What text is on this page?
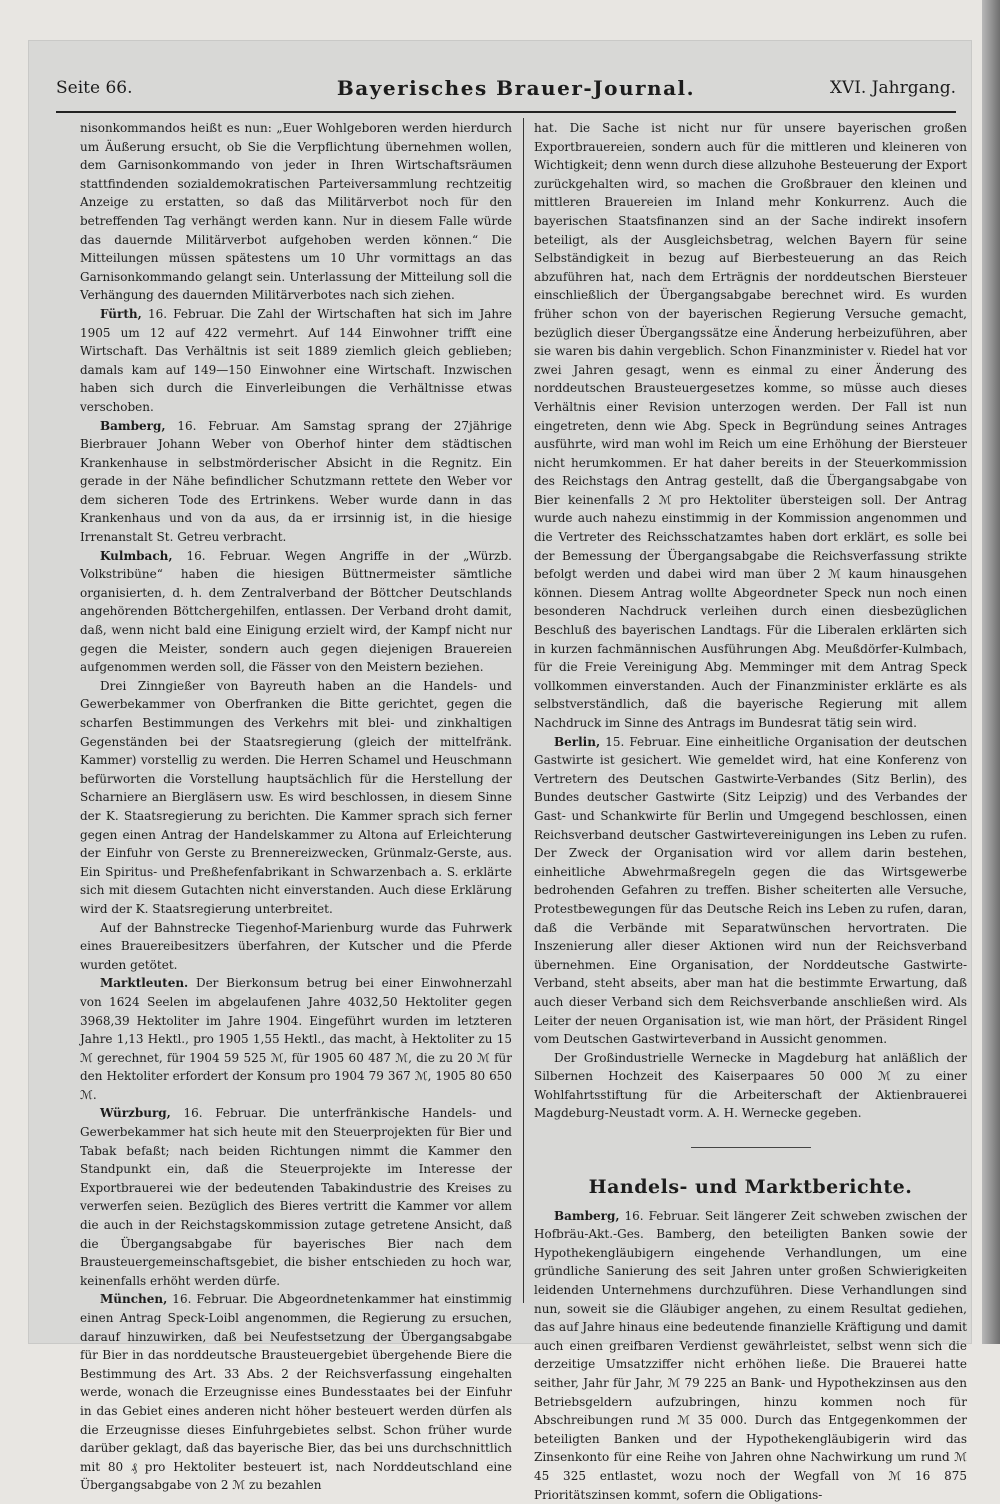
Seite 66.	Bayerisches Brauer-Journal.	XVI. Jahrgang.

nisonkommandos heißt es nun: „Euer Wohlgeboren werden hierdurch um Äußerung ersucht, ob Sie die Verpflichtung übernehmen wollen, dem Garnisonkommando von jeder in Ihren Wirtschaftsräumen stattfindenden sozialdemokratischen Parteiversammlung rechtzeitig Anzeige zu erstatten, so daß das Militärverbot noch für den betreffenden Tag verhängt werden kann. Nur in diesem Falle würde das dauernde Militärverbot aufgehoben werden können.“ Die Mitteilungen müssen spätestens um 10 Uhr vormittags an das Garnisonkommando gelangt sein. Unterlassung der Mitteilung soll die Verhängung des dauernden Militärverbotes nach sich ziehen.

Fürth, 16. Februar. Die Zahl der Wirtschaften hat sich im Jahre 1905 um 12 auf 422 vermehrt. Auf 144 Einwohner trifft eine Wirtschaft. Das Verhältnis ist seit 1889 ziemlich gleich geblieben; damals kam auf 149—150 Einwohner eine Wirtschaft. Inzwischen haben sich durch die Einverleibungen die Verhältnisse etwas verschoben.

Bamberg, 16. Februar. Am Samstag sprang der 27jährige Bierbrauer Johann Weber von Oberhof hinter dem städtischen Krankenhause in selbstmörderischer Absicht in die Regnitz. Ein gerade in der Nähe befindlicher Schutzmann rettete den Weber vor dem sicheren Tode des Ertrinkens. Weber wurde dann in das Krankenhaus und von da aus, da er irrsinnig ist, in die hiesige Irrenanstalt St. Getreu verbracht.

Kulmbach, 16. Februar. Wegen Angriffe in der „Würzb. Volkstribüne“ haben die hiesigen Büttnermeister sämtliche organisierten, d. h. dem Zentralverband der Böttcher Deutschlands angehörenden Böttchergehilfen, entlassen. Der Verband droht damit, daß, wenn nicht bald eine Einigung erzielt wird, der Kampf nicht nur gegen die Meister, sondern auch gegen diejenigen Brauereien aufgenommen werden soll, die Fässer von den Meistern beziehen.

Drei Zinngießer von Bayreuth haben an die Handels- und Gewerbekammer von Oberfranken die Bitte gerichtet, gegen die scharfen Bestimmungen des Verkehrs mit blei- und zinkhaltigen Gegenständen bei der Staatsregierung (gleich der mittelfränk. Kammer) vorstellig zu werden. Die Herren Schamel und Heuschmann befürworten die Vorstellung hauptsächlich für die Herstellung der Scharniere an Biergläsern usw. Es wird beschlossen, in diesem Sinne der K. Staatsregierung zu berichten. Die Kammer sprach sich ferner gegen einen Antrag der Handelskammer zu Altona auf Erleichterung der Einfuhr von Gerste zu Brennereizwecken, Grünmalz-Gerste, aus. Ein Spiritus- und Preßhefenfabrikant in Schwarzenbach a. S. erklärte sich mit diesem Gutachten nicht einverstanden. Auch diese Erklärung wird der K. Staatsregierung unterbreitet.

Auf der Bahnstrecke Tiegenhof-Marienburg wurde das Fuhrwerk eines Brauereibesitzers überfahren, der Kutscher und die Pferde wurden getötet.

Marktleuten. Der Bierkonsum betrug bei einer Einwohnerzahl von 1624 Seelen im abgelaufenen Jahre 4032,50 Hektoliter gegen 3968,39 Hektoliter im Jahre 1904. Eingeführt wurden im letzteren Jahre 1,13 Hektl., pro 1905 1,55 Hektl., das macht, à Hektoliter zu 15 ℳ gerechnet, für 1904 59 525 ℳ, für 1905 60 487 ℳ, die zu 20 ℳ für den Hektoliter erfordert der Konsum pro 1904 79 367 ℳ, 1905 80 650 ℳ.

Würzburg, 16. Februar. Die unterfränkische Handels- und Gewerbekammer hat sich heute mit den Steuerprojekten für Bier und Tabak befaßt; nach beiden Richtungen nimmt die Kammer den Standpunkt ein, daß die Steuerprojekte im Interesse der Exportbrauerei wie der bedeutenden Tabakindustrie des Kreises zu verwerfen seien. Bezüglich des Bieres vertritt die Kammer vor allem die auch in der Reichstagskommission zutage getretene Ansicht, daß die Übergangsabgabe für bayerisches Bier nach dem Brausteuergemeinschaftsgebiet, die bisher entschieden zu hoch war, keinenfalls erhöht werden dürfe.

München, 16. Februar. Die Abgeordnetenkammer hat einstimmig einen Antrag Speck-Loibl angenommen, die Regierung zu ersuchen, darauf hinzuwirken, daß bei Neufestsetzung der Übergangsabgabe für Bier in das norddeutsche Brausteuergebiet übergehende Biere die Bestimmung des Art. 33 Abs. 2 der Reichsverfassung eingehalten werde, wonach die Erzeugnisse eines Bundesstaates bei der Einfuhr in das Gebiet eines anderen nicht höher besteuert werden dürfen als die Erzeugnisse dieses Einfuhrgebietes selbst. Schon früher wurde darüber geklagt, daß das bayerische Bier, das bei uns durchschnittlich mit 80 ₰ pro Hektoliter besteuert ist, nach Norddeutschland eine Übergangsabgabe von 2 ℳ zu bezahlen

hat. Die Sache ist nicht nur für unsere bayerischen großen Exportbrauereien, sondern auch für die mittleren und kleineren von Wichtigkeit; denn wenn durch diese allzuhohe Besteuerung der Export zurückgehalten wird, so machen die Großbrauer den kleinen und mittleren Brauereien im Inland mehr Konkurrenz. Auch die bayerischen Staatsfinanzen sind an der Sache indirekt insofern beteiligt, als der Ausgleichsbetrag, welchen Bayern für seine Selbständigkeit in bezug auf Bierbesteuerung an das Reich abzuführen hat, nach dem Erträgnis der norddeutschen Biersteuer einschließlich der Übergangsabgabe berechnet wird. Es wurden früher schon von der bayerischen Regierung Versuche gemacht, bezüglich dieser Übergangssätze eine Änderung herbeizuführen, aber sie waren bis dahin vergeblich. Schon Finanzminister v. Riedel hat vor zwei Jahren gesagt, wenn es einmal zu einer Änderung des norddeutschen Brausteuergesetzes komme, so müsse auch dieses Verhältnis einer Revision unterzogen werden. Der Fall ist nun eingetreten, denn wie Abg. Speck in Begründung seines Antrages ausführte, wird man wohl im Reich um eine Erhöhung der Biersteuer nicht herumkommen. Er hat daher bereits in der Steuerkommission des Reichstags den Antrag gestellt, daß die Übergangsabgabe von Bier keinenfalls 2 ℳ pro Hektoliter übersteigen soll. Der Antrag wurde auch nahezu einstimmig in der Kommission angenommen und die Vertreter des Reichsschatzamtes haben dort erklärt, es solle bei der Bemessung der Übergangsabgabe die Reichsverfassung strikte befolgt werden und dabei wird man über 2 ℳ kaum hinausgehen können. Diesem Antrag wollte Abgeordneter Speck nun noch einen besonderen Nachdruck verleihen durch einen diesbezüglichen Beschluß des bayerischen Landtags. Für die Liberalen erklärten sich in kurzen fachmännischen Ausführungen Abg. Meußdörfer-Kulmbach, für die Freie Vereinigung Abg. Memminger mit dem Antrag Speck vollkommen einverstanden. Auch der Finanzminister erklärte es als selbstverständlich, daß die bayerische Regierung mit allem Nachdruck im Sinne des Antrags im Bundesrat tätig sein wird.

Berlin, 15. Februar. Eine einheitliche Organisation der deutschen Gastwirte ist gesichert. Wie gemeldet wird, hat eine Konferenz von Vertretern des Deutschen Gastwirte-Verbandes (Sitz Berlin), des Bundes deutscher Gastwirte (Sitz Leipzig) und des Verbandes der Gast- und Schankwirte für Berlin und Umgegend beschlossen, einen Reichsverband deutscher Gastwirtevereinigungen ins Leben zu rufen. Der Zweck der Organisation wird vor allem darin bestehen, einheitliche Abwehrmaßregeln gegen die das Wirtsgewerbe bedrohenden Gefahren zu treffen. Bisher scheiterten alle Versuche, Protestbewegungen für das Deutsche Reich ins Leben zu rufen, daran, daß die Verbände mit Separatwünschen hervortraten. Die Inszenierung aller dieser Aktionen wird nun der Reichsverband übernehmen. Eine Organisation, der Norddeutsche Gastwirte-Verband, steht abseits, aber man hat die bestimmte Erwartung, daß auch dieser Verband sich dem Reichsverbande anschließen wird. Als Leiter der neuen Organisation ist, wie man hört, der Präsident Ringel vom Deutschen Gastwirteverband in Aussicht genommen.

Der Großindustrielle Wernecke in Magdeburg hat anläßlich der Silbernen Hochzeit des Kaiserpaares 50 000 ℳ zu einer Wohlfahrtsstiftung für die Arbeiterschaft der Aktienbrauerei Magdeburg-Neustadt vorm. A. H. Wernecke gegeben.

Handels- und Marktberichte.

Bamberg, 16. Februar. Seit längerer Zeit schweben zwischen der Hofbräu-Akt.-Ges. Bamberg, den beteiligten Banken sowie der Hypothekengläubigern eingehende Verhandlungen, um eine gründliche Sanierung des seit Jahren unter großen Schwierigkeiten leidenden Unternehmens durchzuführen. Diese Verhandlungen sind nun, soweit sie die Gläubiger angehen, zu einem Resultat gediehen, das auf Jahre hinaus eine bedeutende finanzielle Kräftigung und damit auch einen greifbaren Verdienst gewährleistet, selbst wenn sich die derzeitige Umsatzziffer nicht erhöhen ließe. Die Brauerei hatte seither, Jahr für Jahr, ℳ 79 225 an Bank- und Hypothekzinsen aus den Betriebsgeldern aufzubringen, hinzu kommen noch für Abschreibungen rund ℳ 35 000. Durch das Entgegenkommen der beteiligten Banken und der Hypothekengläubigerin wird das Zinsenkonto für eine Reihe von Jahren ohne Nachwirkung um rund ℳ 45 325 entlastet, wozu noch der Wegfall von ℳ 16 875 Prioritätszinsen kommt, sofern die Obligations-
